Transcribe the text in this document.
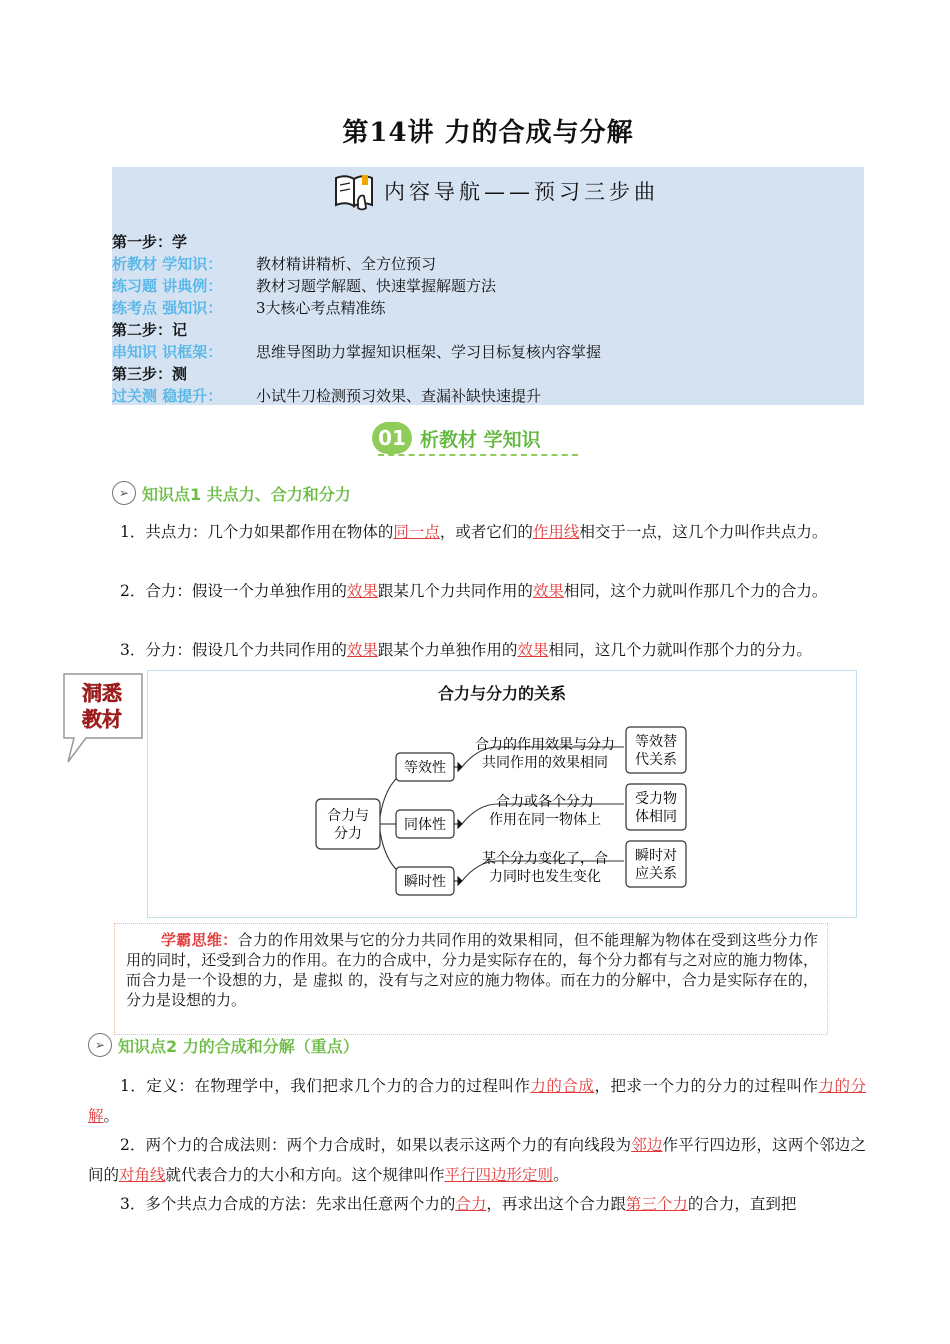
第14讲 力的合成与分解
内容导航——预习三步曲
第一步：学
析教材 学知识： 教材精讲精析、全方位预习
练习题 讲典例： 教材习题学解题、快速掌握解题方法
练考点 强知识： 3大核心考点精准练
第二步：记
串知识 识框架： 思维导图助力掌握知识框架、学习目标复核内容掌握
第三步：测
过关测 稳提升： 小试牛刀检测预习效果、查漏补缺快速提升
01 析教材 学知识
➢ 知识点1 共点力、合力和分力
1．共点力：几个力如果都作用在物体的同一点，或者它们的作用线相交于一点，这几个力叫作共点力。
2．合力：假设一个力单独作用的效果跟某几个力共同作用的效果相同，这个力就叫作那几个力的合力。
3．分力：假设几个力共同作用的效果跟某个力单独作用的效果相同，这几个力就叫作那个力的分力。
洞悉
教材
合力与分力的关系
合力与
分力
等效性
合力的作用效果与分力
共同作用的效果相同
等效替
代关系
同体性
合力或各个分力
作用在同一物体上
受力物
体相同
瞬时性
某个分力变化了，合
力同时也发生变化
瞬时对
应关系
学霸思维：合力的作用效果与它的分力共同作用的效果相同，但不能理解为物体在受到这些分力作用的同时，还受到合力的作用。在力的合成中，分力是实际存在的，每个分力都有与之对应的施力物体，而合力是一个设想的力，是 虚拟 的，没有与之对应的施力物体。而在力的分解中，合力是实际存在的，分力是设想的力。
➢ 知识点2 力的合成和分解（重点）
1．定义：在物理学中，我们把求几个力的合力的过程叫作力的合成，把求一个力的分力的过程叫作力的分解。
2．两个力的合成法则：两个力合成时，如果以表示这两个力的有向线段为邻边作平行四边形，这两个邻边之间的对角线就代表合力的大小和方向。这个规律叫作平行四边形定则。
3．多个共点力合成的方法：先求出任意两个力的合力，再求出这个合力跟第三个力的合力，直到把
